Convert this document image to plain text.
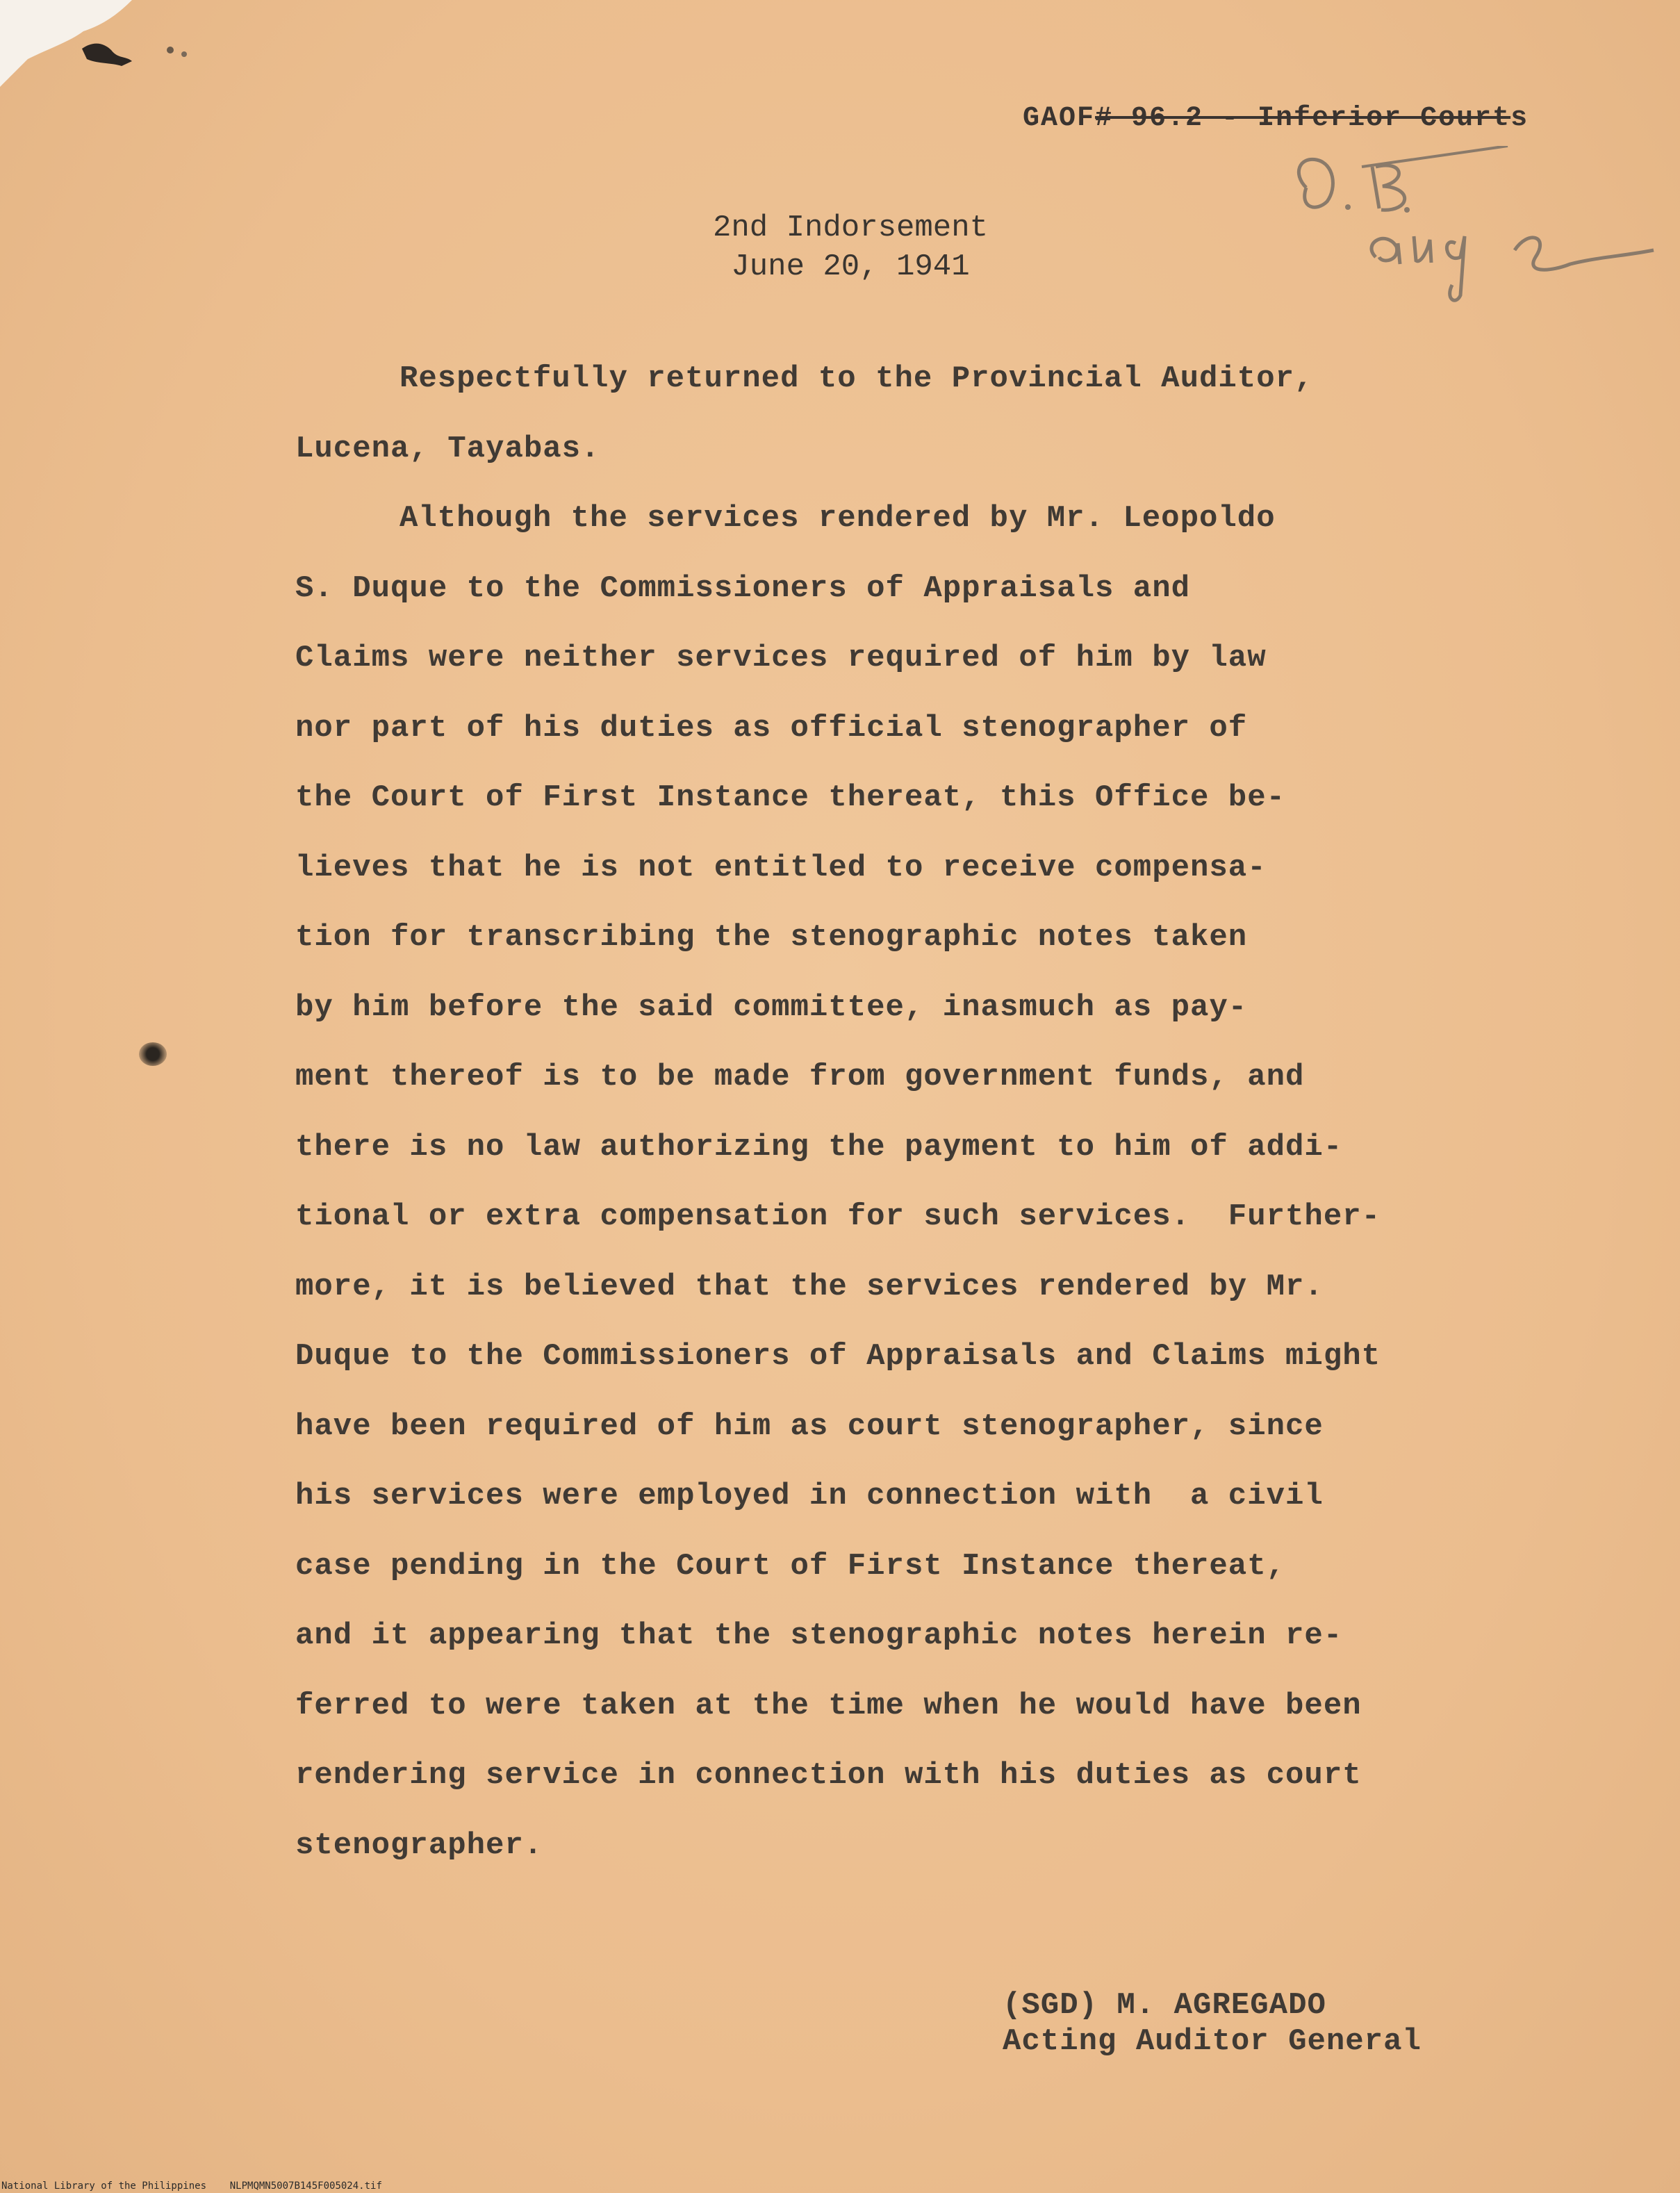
GAOF# 96.2 - Inferior Courts
2nd Indorsement
June 20, 1941
Respectfully returned to the Provincial Auditor,
Lucena, Tayabas.
Although the services rendered by Mr. Leopoldo
S. Duque to the Commissioners of Appraisals and
Claims were neither services required of him by law
nor part of his duties as official stenographer of
the Court of First Instance thereat, this Office be-
lieves that he is not entitled to receive compensa-
tion for transcribing the stenographic notes taken
by him before the said committee, inasmuch as pay-
ment thereof is to be made from government funds, and
there is no law authorizing the payment to him of addi-
tional or extra compensation for such services.  Further-
more, it is believed that the services rendered by Mr.
Duque to the Commissioners of Appraisals and Claims might
have been required of him as court stenographer, since
his services were employed in connection with  a civil
case pending in the Court of First Instance thereat,
and it appearing that the stenographic notes herein re-
ferred to were taken at the time when he would have been
rendering service in connection with his duties as court
stenographer.
(SGD) M. AGREGADO
Acting Auditor General
National Library of the Philippines NLPMQMN5007B145F005024.tif
